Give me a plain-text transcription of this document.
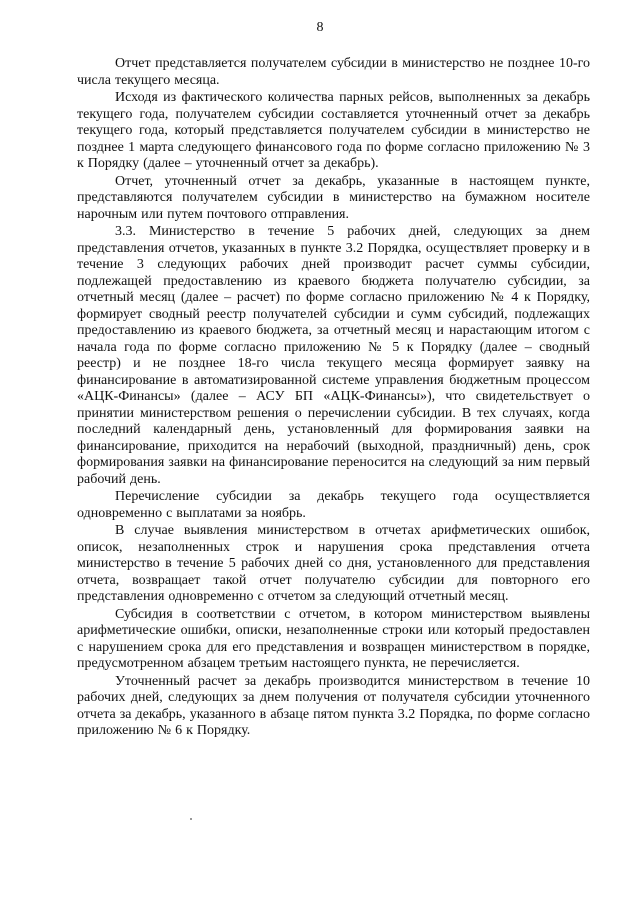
8

Отчет представляется получателем субсидии в министерство не позднее 10-го числа текущего месяца.

Исходя из фактического количества парных рейсов, выполненных за декабрь текущего года, получателем субсидии составляется уточненный отчет за декабрь текущего года, который представляется получателем субсидии в министерство не позднее 1 марта следующего финансового года по форме согласно приложению № 3 к Порядку (далее – уточненный отчет за декабрь).

Отчет, уточненный отчет за декабрь, указанные в настоящем пункте, представляются получателем субсидии в министерство на бумажном носителе нарочным или путем почтового отправления.

3.3. Министерство в течение 5 рабочих дней, следующих за днем представления отчетов, указанных в пункте 3.2 Порядка, осуществляет проверку и в течение 3 следующих рабочих дней производит расчет суммы субсидии, подлежащей предоставлению из краевого бюджета получателю субсидии, за отчетный месяц (далее – расчет) по форме согласно приложению № 4 к Порядку, формирует сводный реестр получателей субсидии и сумм субсидий, подлежащих предоставлению из краевого бюджета, за отчетный месяц и нарастающим итогом с начала года по форме согласно приложению № 5 к Порядку (далее – сводный реестр) и не позднее 18-го числа текущего месяца формирует заявку на финансирование в автоматизированной системе управления бюджетным процессом «АЦК-Финансы» (далее – АСУ БП «АЦК-Финансы»), что свидетельствует о принятии министерством решения о перечислении субсидии. В тех случаях, когда последний календарный день, установленный для формирования заявки на финансирование, приходится на нерабочий (выходной, праздничный) день, срок формирования заявки на финансирование переносится на следующий за ним первый рабочий день.

Перечисление субсидии за декабрь текущего года осуществляется одновременно с выплатами за ноябрь.

В случае выявления министерством в отчетах арифметических ошибок, описок, незаполненных строк и нарушения срока представления отчета министерство в течение 5 рабочих дней со дня, установленного для представления отчета, возвращает такой отчет получателю субсидии для повторного его представления одновременно с отчетом за следующий отчетный месяц.

Субсидия в соответствии с отчетом, в котором министерством выявлены арифметические ошибки, описки, незаполненные строки или который предоставлен с нарушением срока для его представления и возвращен министерством в порядке, предусмотренном абзацем третьим настоящего пункта, не перечисляется.

Уточненный расчет за декабрь производится министерством в течение 10 рабочих дней, следующих за днем получения от получателя субсидии уточненного отчета за декабрь, указанного в абзаце пятом пункта 3.2 Порядка, по форме согласно приложению № 6 к Порядку.
